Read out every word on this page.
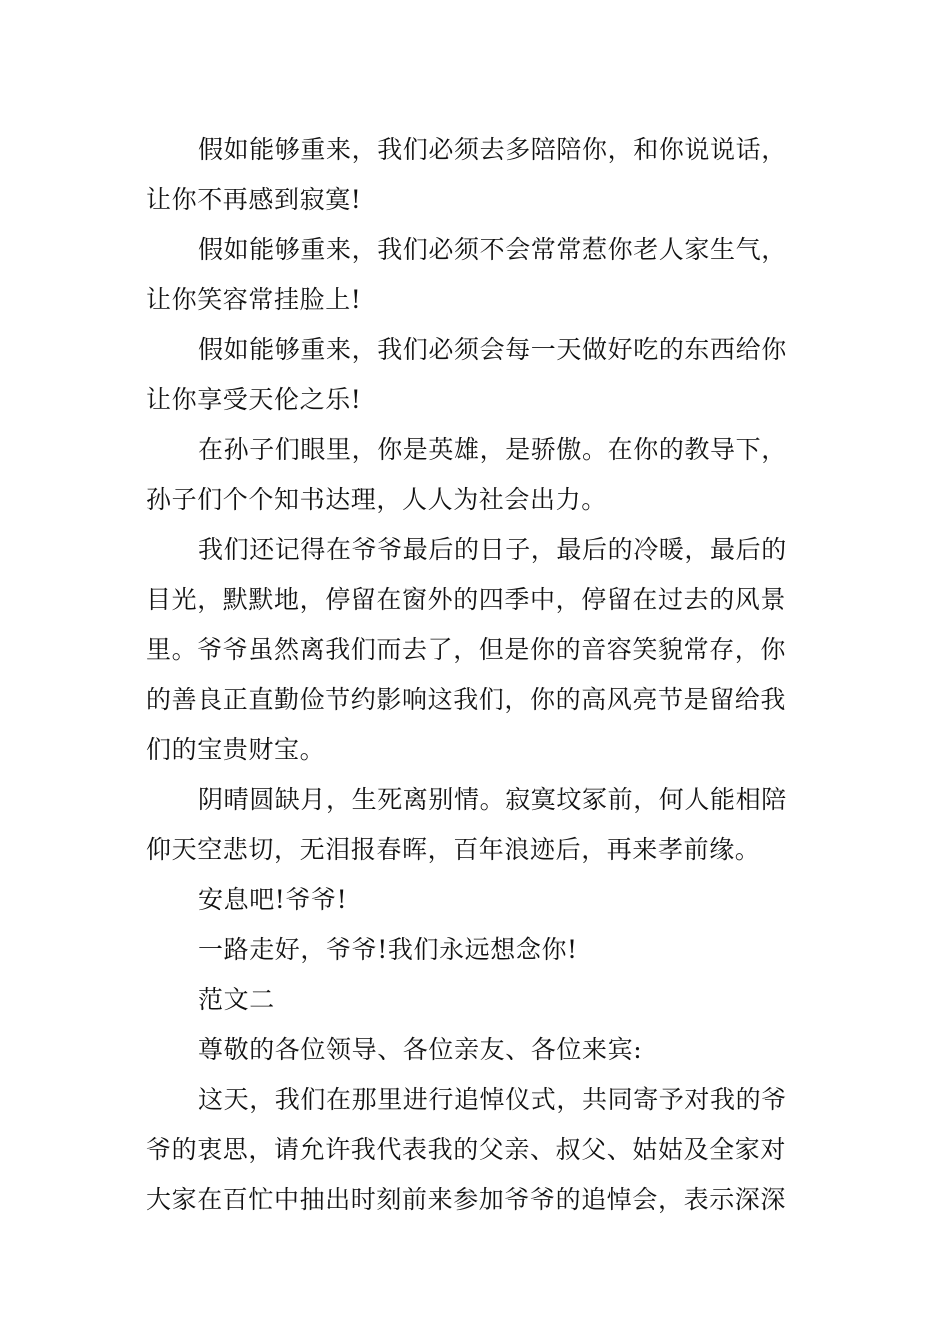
假如能够重来，我们必须去多陪陪你，和你说说话，
让你不再感到寂寞!

假如能够重来，我们必须不会常常惹你老人家生气，
让你笑容常挂脸上!

假如能够重来，我们必须会每一天做好吃的东西给你
让你享受天伦之乐!

在孙子们眼里，你是英雄，是骄傲。在你的教导下，
孙子们个个知书达理，人人为社会出力。

我们还记得在爷爷最后的日子，最后的冷暖，最后的
目光，默默地，停留在窗外的四季中，停留在过去的风景
里。爷爷虽然离我们而去了，但是你的音容笑貌常存，你
的善良正直勤俭节约影响这我们，你的高风亮节是留给我
们的宝贵财宝。

阴晴圆缺月，生死离别情。寂寞坟冢前，何人能相陪
仰天空悲切，无泪报春晖，百年浪迹后，再来孝前缘。

安息吧!爷爷!

一路走好，爷爷!我们永远想念你!

范文二

尊敬的各位领导、各位亲友、各位来宾:

这天，我们在那里进行追悼仪式，共同寄予对我的爷
爷的衷思，请允许我代表我的父亲、叔父、姑姑及全家对
大家在百忙中抽出时刻前来参加爷爷的追悼会，表示深深
